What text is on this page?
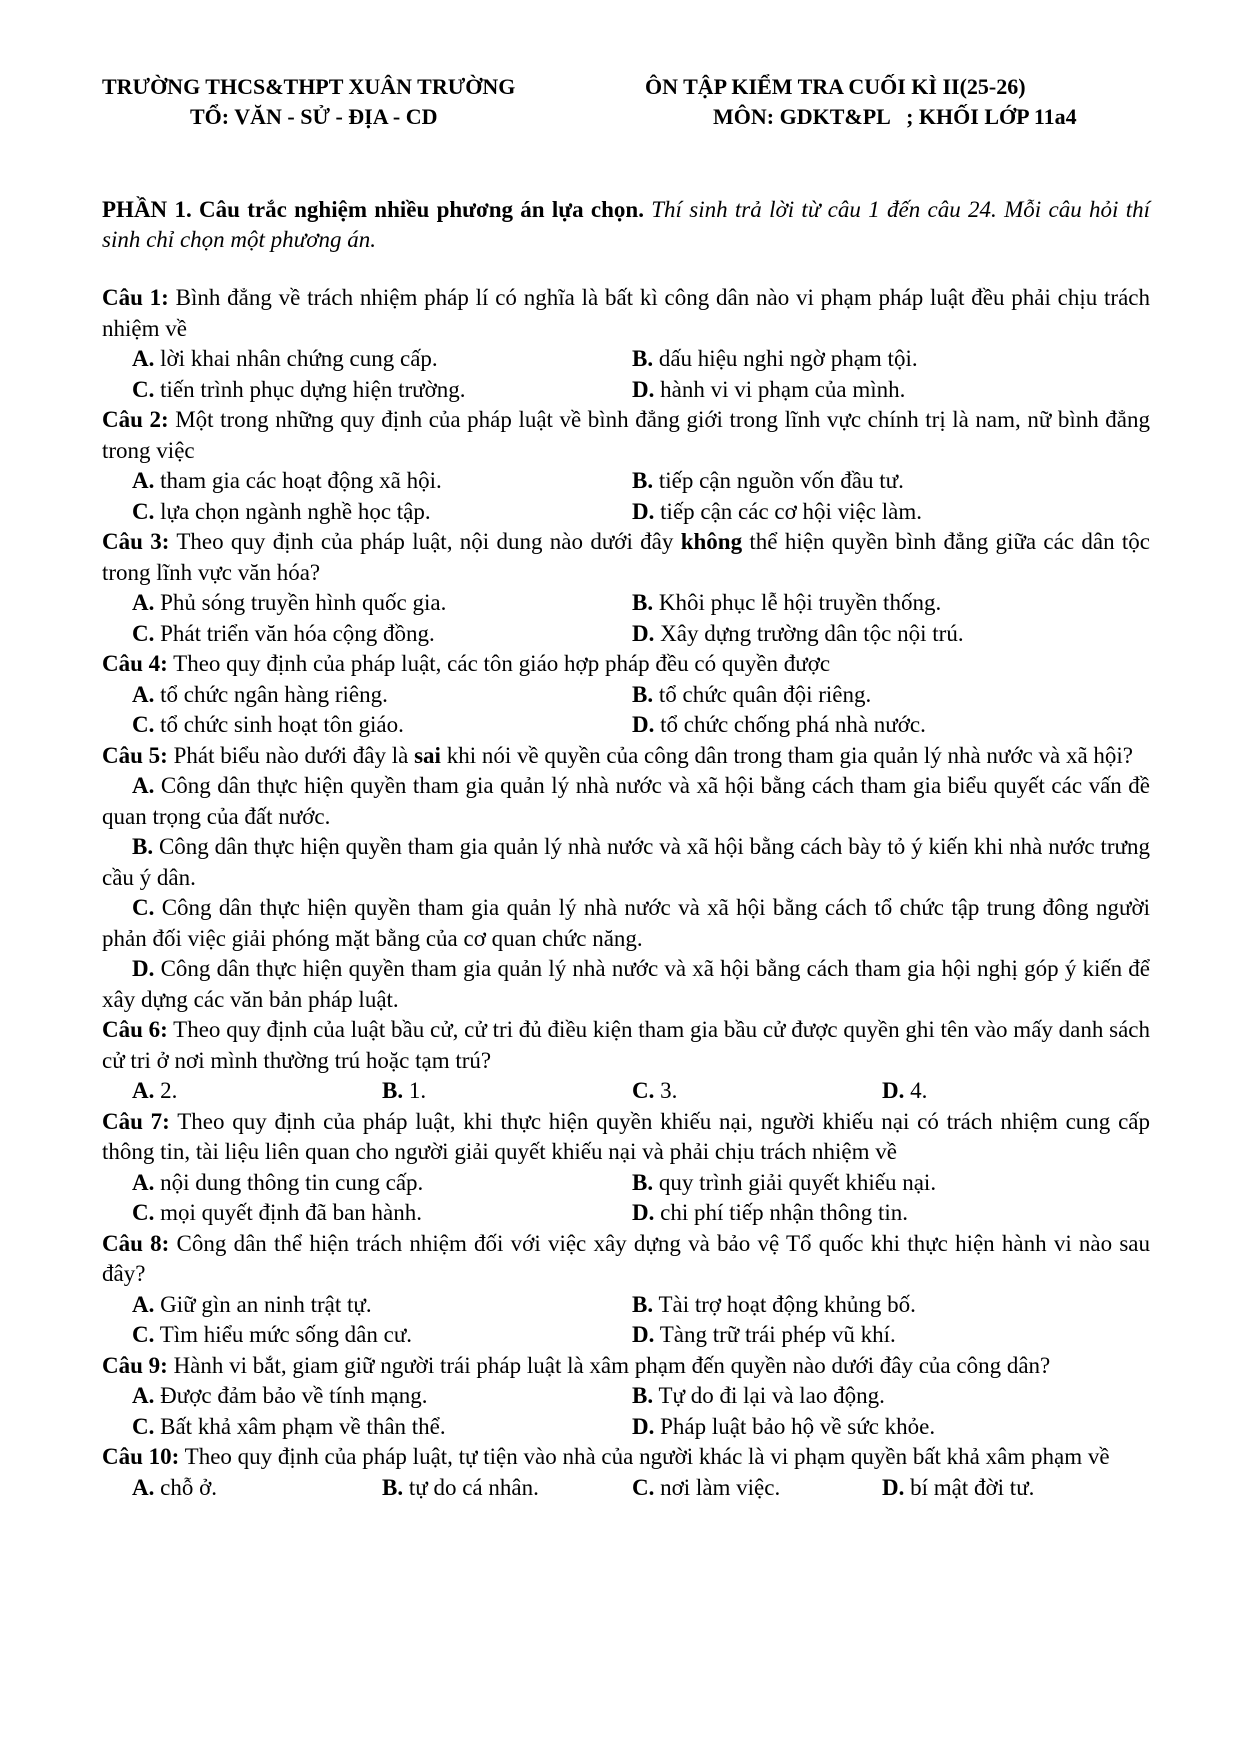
TRƯỜNG THCS&THPT XUÂN TRƯỜNG	ÔN TẬP KIỂM TRA CUỐI KÌ II(25-26)
TỔ: VĂN - SỬ - ĐỊA - CD	MÔN: GDKT&PL   ; KHỐI LỚP 11a4
PHẦN 1. Câu trắc nghiệm nhiều phương án lựa chọn. Thí sinh trả lời từ câu 1 đến câu 24. Mỗi câu hỏi thí sinh chỉ chọn một phương án.
Câu 1: Bình đẳng về trách nhiệm pháp lí có nghĩa là bất kì công dân nào vi phạm pháp luật đều phải chịu trách nhiệm về
A. lời khai nhân chứng cung cấp.	B. dấu hiệu nghi ngờ phạm tội.
C. tiến trình phục dựng hiện trường.	D. hành vi vi phạm của mình.
Câu 2: Một trong những quy định của pháp luật về bình đẳng giới trong lĩnh vực chính trị là nam, nữ bình đẳng trong việc
A. tham gia các hoạt động xã hội.	B. tiếp cận nguồn vốn đầu tư.
C. lựa chọn ngành nghề học tập.	D. tiếp cận các cơ hội việc làm.
Câu 3: Theo quy định của pháp luật, nội dung nào dưới đây không thể hiện quyền bình đẳng giữa các dân tộc trong lĩnh vực văn hóa?
A. Phủ sóng truyền hình quốc gia.	B. Khôi phục lễ hội truyền thống.
C. Phát triển văn hóa cộng đồng.	D. Xây dựng trường dân tộc nội trú.
Câu 4: Theo quy định của pháp luật, các tôn giáo hợp pháp đều có quyền được
A. tổ chức ngân hàng riêng.	B. tổ chức quân đội riêng.
C. tổ chức sinh hoạt tôn giáo.	D. tổ chức chống phá nhà nước.
Câu 5: Phát biểu nào dưới đây là sai khi nói về quyền của công dân trong tham gia quản lý nhà nước và xã hội?
A. Công dân thực hiện quyền tham gia quản lý nhà nước và xã hội bằng cách tham gia biểu quyết các vấn đề quan trọng của đất nước.
B. Công dân thực hiện quyền tham gia quản lý nhà nước và xã hội bằng cách bày tỏ ý kiến khi nhà nước trưng cầu ý dân.
C. Công dân thực hiện quyền tham gia quản lý nhà nước và xã hội bằng cách tổ chức tập trung đông người phản đối việc giải phóng mặt bằng của cơ quan chức năng.
D. Công dân thực hiện quyền tham gia quản lý nhà nước và xã hội bằng cách tham gia hội nghị góp ý kiến để xây dựng các văn bản pháp luật.
Câu 6: Theo quy định của luật bầu cử, cử tri đủ điều kiện tham gia bầu cử được quyền ghi tên vào mấy danh sách cử tri ở nơi mình thường trú hoặc tạm trú?
A. 2.	B. 1.	C. 3.	D. 4.
Câu 7: Theo quy định của pháp luật, khi thực hiện quyền khiếu nại, người khiếu nại có trách nhiệm cung cấp thông tin, tài liệu liên quan cho người giải quyết khiếu nại và phải chịu trách nhiệm về
A. nội dung thông tin cung cấp.	B. quy trình giải quyết khiếu nại.
C. mọi quyết định đã ban hành.	D. chi phí tiếp nhận thông tin.
Câu 8: Công dân thể hiện trách nhiệm đối với việc xây dựng và bảo vệ Tổ quốc khi thực hiện hành vi nào sau đây?
A. Giữ gìn an ninh trật tự.	B. Tài trợ hoạt động khủng bố.
C. Tìm hiểu mức sống dân cư.	D. Tàng trữ trái phép vũ khí.
Câu 9: Hành vi bắt, giam giữ người trái pháp luật là xâm phạm đến quyền nào dưới đây của công dân?
A. Được đảm bảo về tính mạng.	B. Tự do đi lại và lao động.
C. Bất khả xâm phạm về thân thể.	D. Pháp luật bảo hộ về sức khỏe.
Câu 10: Theo quy định của pháp luật, tự tiện vào nhà của người khác là vi phạm quyền bất khả xâm phạm về
A. chỗ ở.	B. tự do cá nhân.	C. nơi làm việc.	D. bí mật đời tư.
